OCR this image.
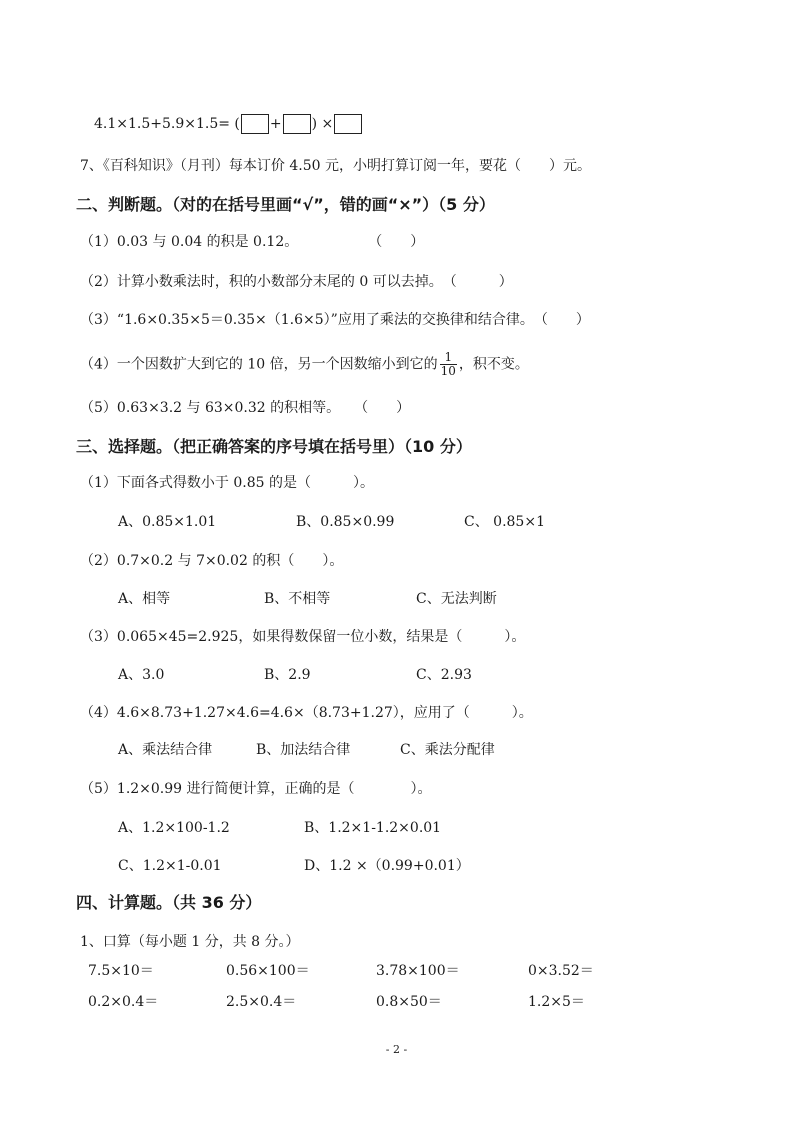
4.1×1.5+5.9×1.5= ( + ) ×
7、《百科知识》（月刊）每本订价 4.50 元，小明打算订阅一年，要花（　　）元。
二、判断题。（对的在括号里画“√”，错的画“×”）（5 分）
（1）0.03 与 0.04 的积是 0.12。　　　　　　（　　）
（2）计算小数乘法时，积的小数部分末尾的 0 可以去掉。　（　　　）
（3）“1.6×0.35×5＝0.35×（1.6×5）”应用了乘法的交换律和结合律。　（　　）
（4）一个因数扩大到它的 10 倍，另一个因数缩小到它的 $\frac{1}{10}$ ，积不变。
（5）0.63×3.2 与 63×0.32 的积相等。　　（　　）
三、选择题。（把正确答案的序号填在括号里）（10 分）
（1）下面各式得数小于 0.85 的是（　　　）。
A、0.85×1.01	B、0.85×0.99	C、 0.85×1
（2）0.7×0.2 与 7×0.02 的积（　　）。
A、相等	B、不相等	C、无法判断
（3）0.065×45=2.925，如果得数保留一位小数，结果是（　　　）。
A、3.0	B、2.9	C、2.93
（4）4.6×8.73+1.27×4.6=4.6×（8.73+1.27），应用了（　　　）。
A、乘法结合律	B、加法结合律	C、乘法分配律
（5）1.2×0.99 进行简便计算，正确的是（　　　　）。
A、1.2×100-1.2	B、1.2×1-1.2×0.01
C、1.2×1-0.01	D、1.2 ×（0.99+0.01）
四、计算题。（共 36 分）
1、口算（每小题 1 分，共 8 分。）
7.5×10＝	0.56×100＝	3.78×100＝	0×3.52＝
0.2×0.4＝	2.5×0.4＝	0.8×50＝	1.2×5＝
- 2 -
